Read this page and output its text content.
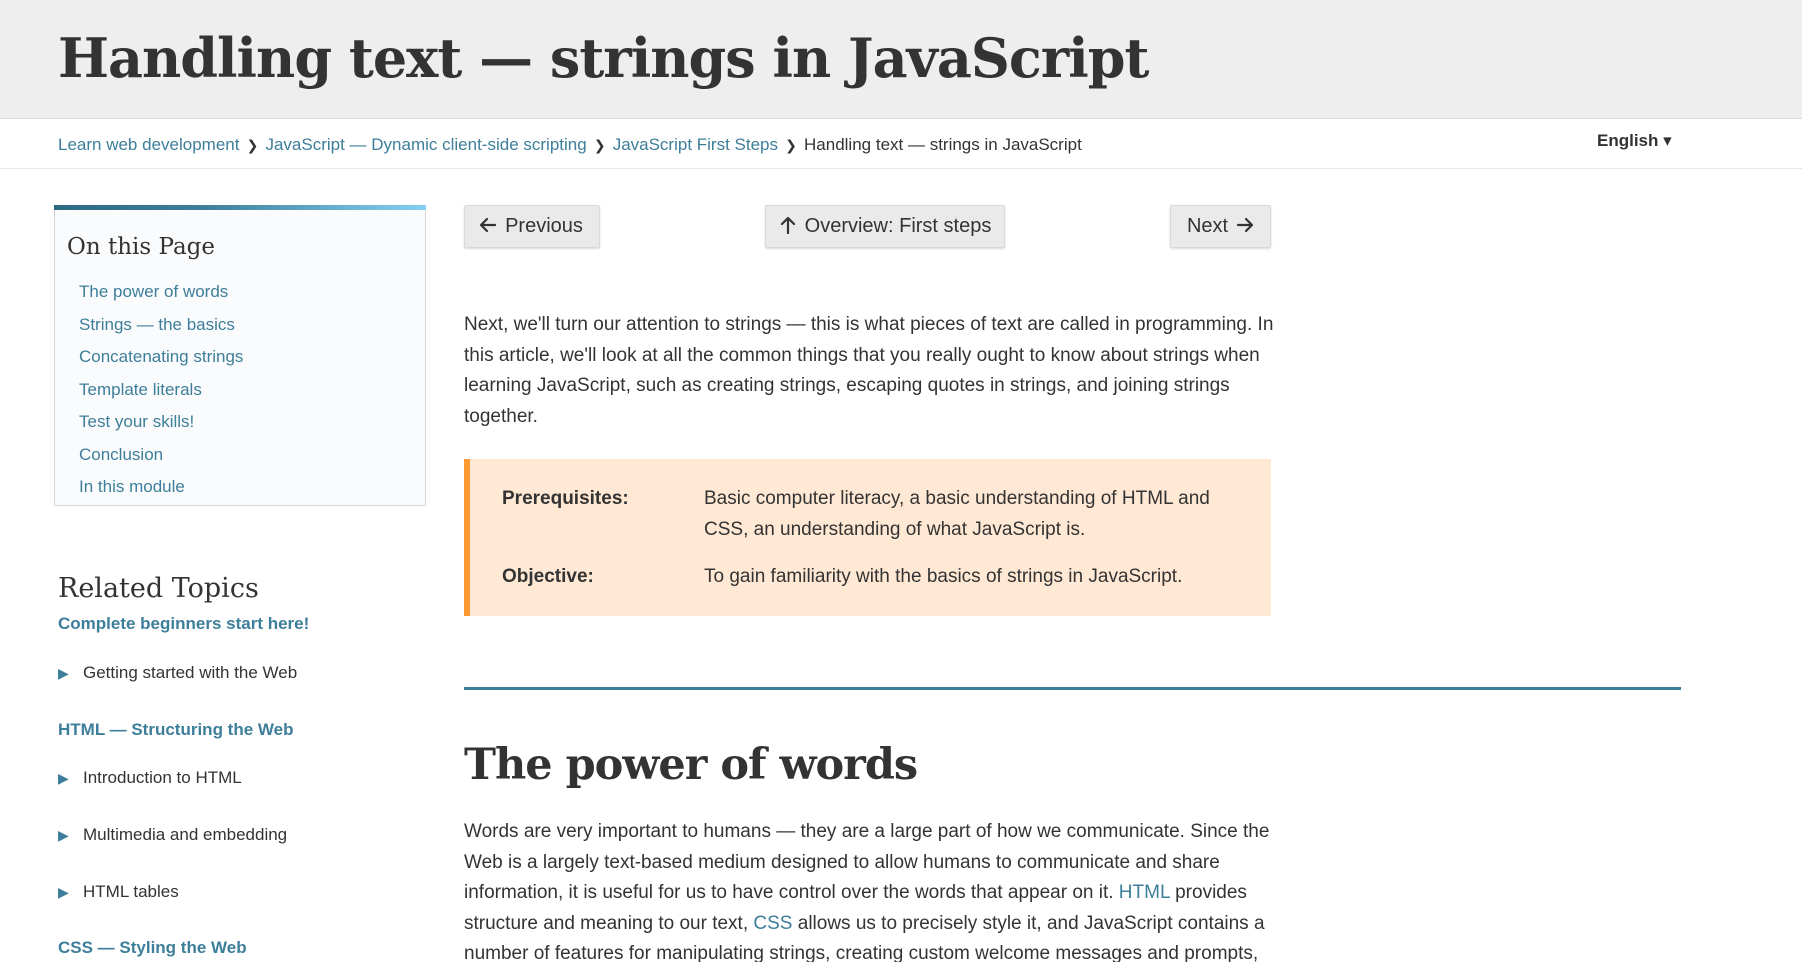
Handling text — strings in JavaScript
Learn web development ❯ JavaScript — Dynamic client-side scripting ❯ JavaScript First Steps ❯ Handling text — strings in JavaScript	English ▾
On this Page
The power of words
Strings — the basics
Concatenating strings
Template literals
Test your skills!
Conclusion
In this module
Related Topics
Complete beginners start here!
▶ Getting started with the Web
HTML — Structuring the Web
▶ Introduction to HTML
▶ Multimedia and embedding
▶ HTML tables
CSS — Styling the Web
Previous	Overview: First steps	Next

Next, we'll turn our attention to strings — this is what pieces of text are called in programming. In this article, we'll look at all the common things that you really ought to know about strings when learning JavaScript, such as creating strings, escaping quotes in strings, and joining strings together.

Prerequisites:	Basic computer literacy, a basic understanding of HTML and CSS, an understanding of what JavaScript is.
Objective:	To gain familiarity with the basics of strings in JavaScript.
The power of words

Words are very important to humans — they are a large part of how we communicate. Since the Web is a largely text-based medium designed to allow humans to communicate and share information, it is useful for us to have control over the words that appear on it. HTML provides structure and meaning to our text, CSS allows us to precisely style it, and JavaScript contains a number of features for manipulating strings, creating custom welcome messages and prompts,
